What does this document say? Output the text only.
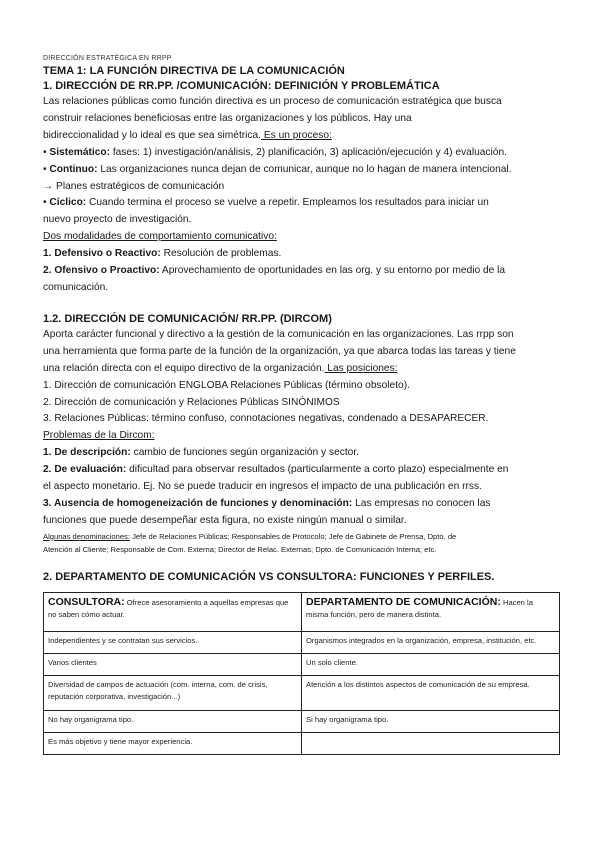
DIRECCIÓN ESTRATÉGICA EN RRPP

TEMA 1: LA FUNCIÓN DIRECTIVA DE LA COMUNICACIÓN

1. DIRECCIÓN DE RR.PP. /COMUNICACIÓN: DEFINICIÓN Y PROBLEMÁTICA

Las relaciones públicas como función directiva es un proceso de comunicación estratégica que busca
construir relaciones beneficiosas entre las organizaciones y los públicos. Hay una
bidireccionalidad y lo ideal es que sea simétrica. Es un proceso:

• Sistemático: fases: 1) investigación/análisis, 2) planificación, 3) aplicación/ejecución y 4) evaluación.

• Continuo: Las organizaciones nunca dejan de comunicar, aunque no lo hagan de manera intencional.

→ Planes estratégicos de comunicación

• Cíclico: Cuando termina el proceso se vuelve a repetir. Empleamos los resultados para iniciar un
nuevo proyecto de investigación.

Dos modalidades de comportamiento comunicativo:

1. Defensivo o Reactivo: Resolución de problemas.

2. Ofensivo o Proactivo: Aprovechamiento de oportunidades en las org. y su entorno por medio de la
comunicación.

1.2. DIRECCIÓN DE COMUNICACIÓN/ RR.PP. (DIRCOM)

Aporta carácter funcional y directivo a la gestión de la comunicación en las organizaciones. Las rrpp son
una herramienta que forma parte de la función de la organización, ya que abarca todas las tareas y tiene
una relación directa con el equipo directivo de la organización. Las posiciones:

1. Dirección de comunicación ENGLOBA Relaciones Públicas (término obsoleto).

2. Dirección de comunicación y Relaciones Públicas SINÓNIMOS

3. Relaciones Públicas: término confuso, connotaciones negativas, condenado a DESAPARECER.

Problemas de la Dircom:

1. De descripción: cambio de funciones según organización y sector.

2. De evaluación: dificultad para observar resultados (particularmente a corto plazo) especialmente en
el aspecto monetario. Ej. No se puede traducir en ingresos el impacto de una publicación en rrss.

3. Ausencia de homogeneización de funciones y denominación: Las empresas no conocen las
funciones que puede desempeñar esta figura, no existe ningún manual o similar.

Algunas denominaciones: Jefe de Relaciones Públicas; Responsables de Protocolo; Jefe de Gabinete de Prensa, Dpto. de
Atención al Cliente; Responsable de Com. Externa; Director de Relac. Externas; Dpto. de Comunicación Interna; etc.

2. DEPARTAMENTO DE COMUNICACIÓN VS CONSULTORA: FUNCIONES Y PERFILES.

CONSULTORA: Ofrece asesoramiento a aquellas empresas que no saben cómo actuar.	DEPARTAMENTO DE COMUNICACIÓN: Hacen la misma función, pero de manera distinta.
Independientes y se contratan sus servicios.	Organismos integrados en la organización, empresa, institución, etc.
Varios clientes	Un solo cliente.
Diversidad de campos de actuación (com. interna, com. de crisis, reputación corporativa, investigación...)	Atención a los distintos aspectos de comunicación de su empresa.
No hay organigrama tipo.	Si hay organigrama tipo.
Es más objetivo y tiene mayor experiencia.	
